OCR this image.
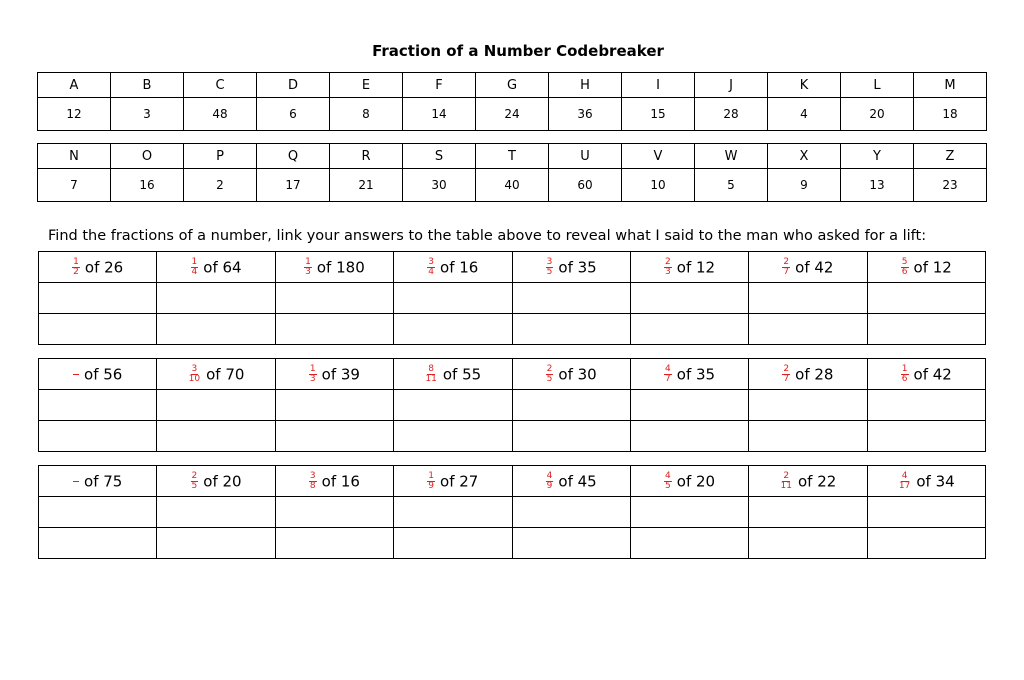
Fraction of a Number Codebreaker
A	B	C	D	E	F	G	H	I	J	K	L	M
12	3	48	6	8	14	24	36	15	28	4	20	18
N	O	P	Q	R	S	T	U	V	W	X	Y	Z
7	16	2	17	21	30	40	60	10	5	9	13	23
Find the fractions of a number, link your answers to the table above to reveal what I said to the man who asked for a lift:
$\frac{1}{2}$ of 26	$\frac{1}{4}$ of 64	$\frac{1}{3}$ of 180	$\frac{3}{4}$ of 16	$\frac{3}{5}$ of 35	$\frac{2}{3}$ of 12	$\frac{2}{7}$ of 42	$\frac{5}{6}$ of 12

of 56	$\frac{3}{10}$ of 70	$\frac{1}{3}$ of 39	$\frac{8}{11}$ of 55	$\frac{2}{5}$ of 30	$\frac{4}{7}$ of 35	$\frac{2}{7}$ of 28	$\frac{1}{6}$ of 42

of 75	$\frac{2}{5}$ of 20	$\frac{3}{8}$ of 16	$\frac{1}{9}$ of 27	$\frac{4}{9}$ of 45	$\frac{4}{5}$ of 20	$\frac{2}{11}$ of 22	$\frac{4}{17}$ of 34
